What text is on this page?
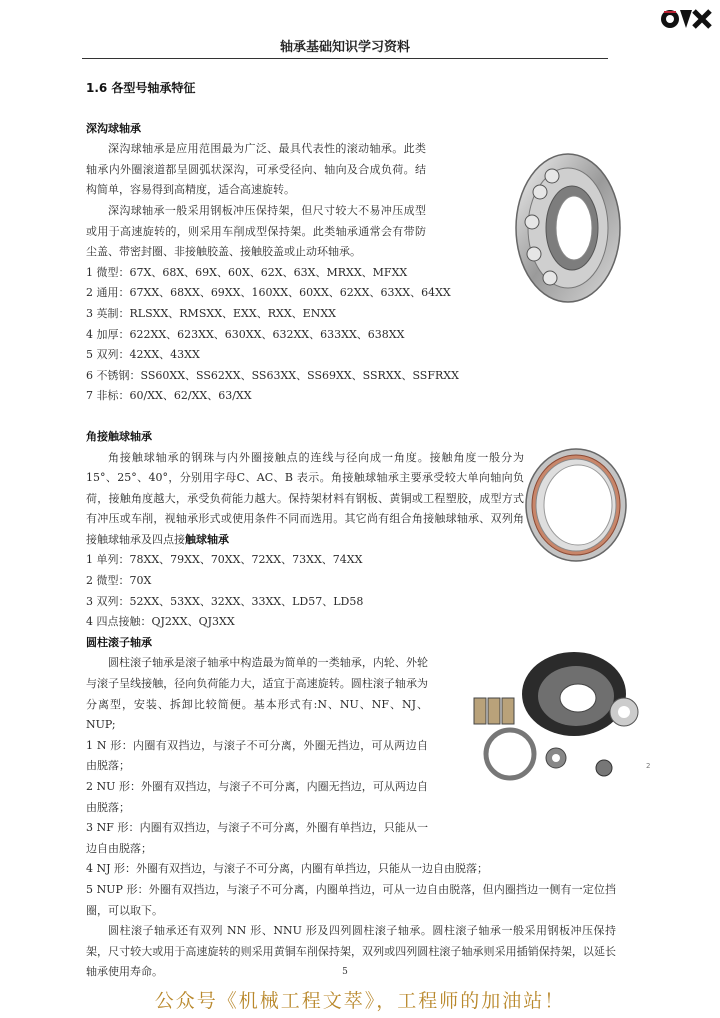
轴承基础知识学习资料
1.6 各型号轴承特征
深沟球轴承

深沟球轴承是应用范围最为广泛、最具代表性的滚动轴承。此类轴承内外圈滚道都呈圆弧状深沟，可承受径向、轴向及合成负荷。结构简单，容易得到高精度，适合高速旋转。

深沟球轴承一般采用钢板冲压保持架，但尺寸较大不易冲压成型或用于高速旋转的，则采用车削成型保持架。此类轴承通常会有带防尘盖、带密封圈、非接触胶盖、接触胶盖或止动环轴承。

1 微型：67X、68X、69X、60X、62X、63X、MRXX、MFXX
2 通用：67XX、68XX、69XX、160XX、60XX、62XX、63XX、64XX
3 英制：RLSXX、RMSXX、EXX、RXX、ENXX
4 加厚：622XX、623XX、630XX、632XX、633XX、638XX
5 双列：42XX、43XX
6 不锈钢：SS60XX、SS62XX、SS63XX、SS69XX、SSRXX、SSFRXX
7 非标：60/XX、62/XX、63/XX
角接触球轴承

角接触球轴承的钢珠与内外圈接触点的连线与径向成一角度。接触角度一般分为 15°、25°、40°，分别用字母C、AC、B 表示。角接触球轴承主要承受较大单向轴向负荷，接触角度越大，承受负荷能力越大。保持架材料有钢板、黄铜或工程塑胶，成型方式有冲压或车削，视轴承形式或使用条件不同而选用。其它尚有组合角接触球轴承、双列角接触球轴承及四点接触球轴承

1 单列：78XX、79XX、70XX、72XX、73XX、74XX
2 微型：70X
3 双列：52XX、53XX、32XX、33XX、LD57、LD58
4 四点接触：QJ2XX、QJ3XX
圆柱滚子轴承

圆柱滚子轴承是滚子轴承中构造最为简单的一类轴承，内轮、外轮与滚子呈线接触，径向负荷能力大，适宜于高速旋转。圆柱滚子轴承为分离型，安装、拆卸比较简便。基本形式有:N、NU、NF、NJ、NUP;

1 N 形：内圈有双挡边，与滚子不可分离，外圈无挡边，可从两边自由脱落；

2 NU 形：外圈有双挡边，与滚子不可分离，内圈无挡边，可从两边自由脱落；

3 NF 形：内圈有双挡边，与滚子不可分离，外圈有单挡边，只能从一边自由脱落；

4 NJ 形：外圈有双挡边，与滚子不可分离，内圈有单挡边，只能从一边自由脱落；

5 NUP 形：外圈有双挡边，与滚子不可分离，内圈单挡边，可从一边自由脱落，但内圈挡边一侧有一定位挡圈，可以取下。

圆柱滚子轴承还有双列 NN 形、NNU 形及四列圆柱滚子轴承。圆柱滚子轴承一般采用钢板冲压保持架，尺寸较大或用于高速旋转的则采用黄铜车削保持架，双列或四列圆柱滚子轴承则采用插销保持架，以延长轴承使用寿命。

2
5
公众号《机械工程文萃》，工程师的加油站！
